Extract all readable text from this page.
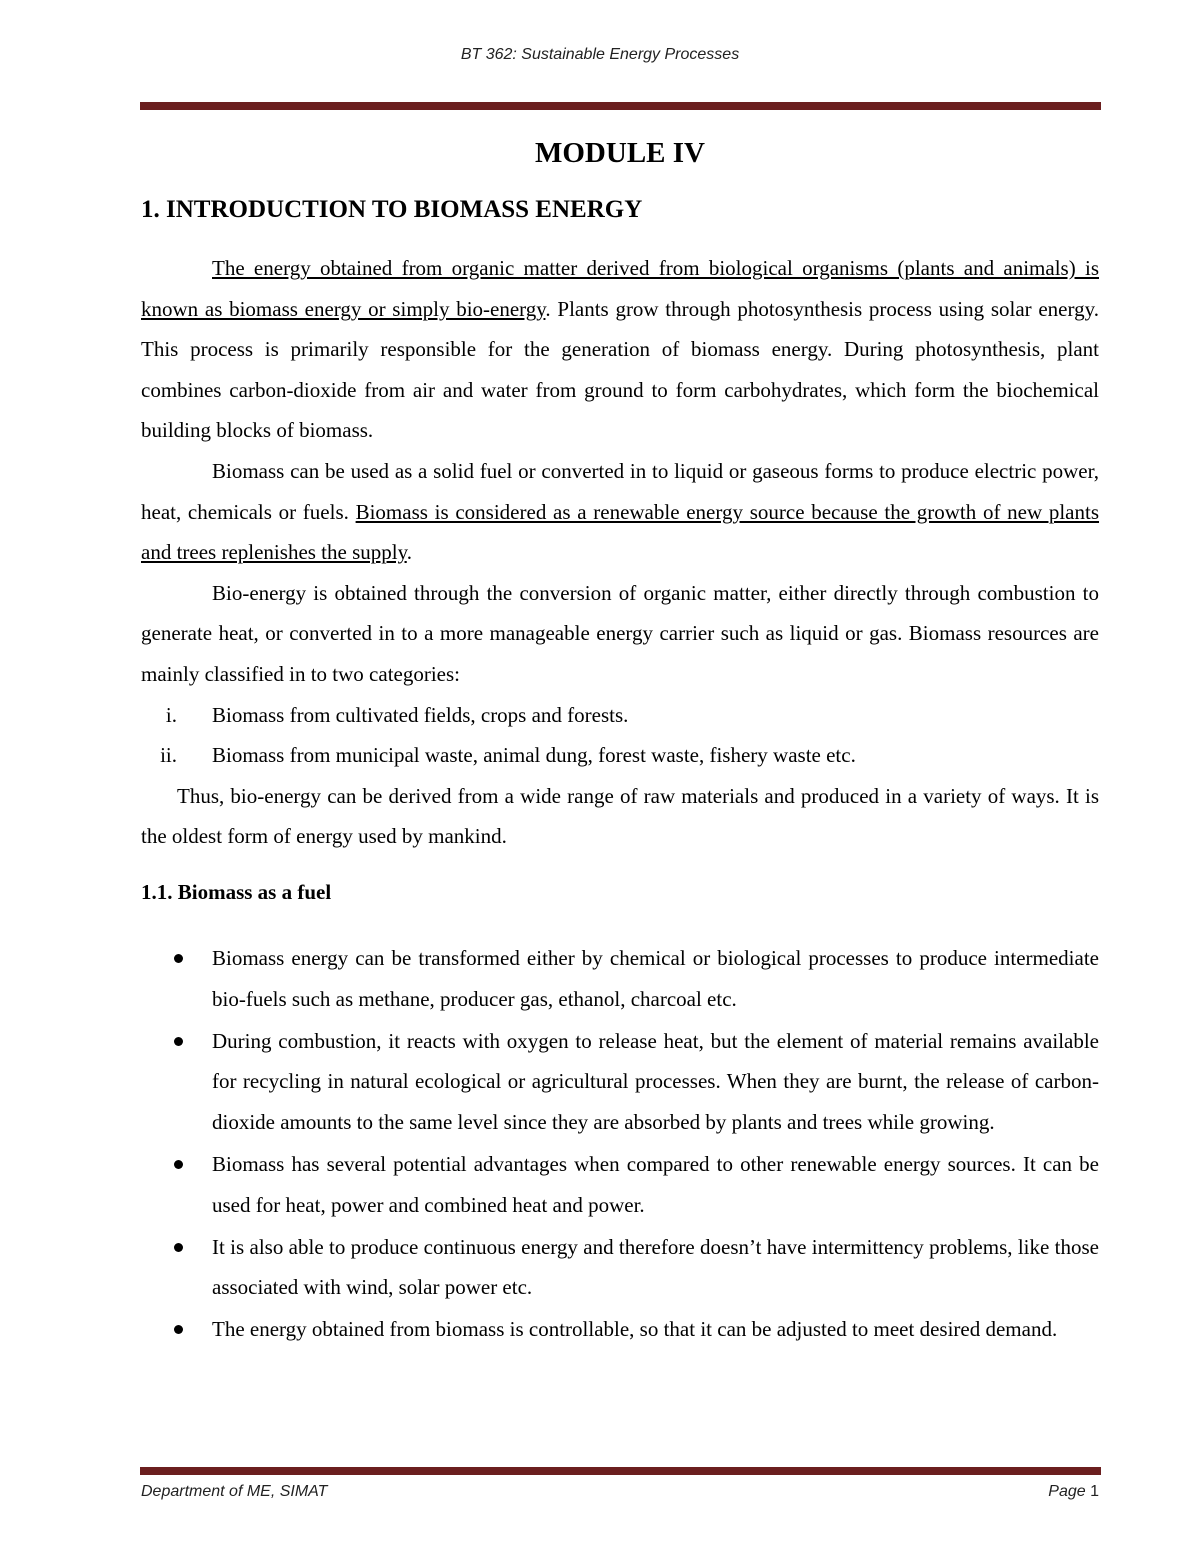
BT 362: Sustainable Energy Processes
MODULE IV
1. INTRODUCTION TO BIOMASS ENERGY

The energy obtained from organic matter derived from biological organisms (plants and animals) is known as biomass energy or simply bio-energy. Plants grow through photosynthesis process using solar energy. This process is primarily responsible for the generation of biomass energy. During photosynthesis, plant combines carbon-dioxide from air and water from ground to form carbohydrates, which form the biochemical building blocks of biomass.

Biomass can be used as a solid fuel or converted in to liquid or gaseous forms to produce electric power, heat, chemicals or fuels. Biomass is considered as a renewable energy source because the growth of new plants and trees replenishes the supply.

Bio-energy is obtained through the conversion of organic matter, either directly through combustion to generate heat, or converted in to a more manageable energy carrier such as liquid or gas. Biomass resources are mainly classified in to two categories:

i. Biomass from cultivated fields, crops and forests.
ii. Biomass from municipal waste, animal dung, forest waste, fishery waste etc.

Thus, bio-energy can be derived from a wide range of raw materials and produced in a variety of ways. It is the oldest form of energy used by mankind.

1.1. Biomass as a fuel
Biomass energy can be transformed either by chemical or biological processes to produce intermediate bio-fuels such as methane, producer gas, ethanol, charcoal etc.
During combustion, it reacts with oxygen to release heat, but the element of material remains available for recycling in natural ecological or agricultural processes. When they are burnt, the release of carbon-dioxide amounts to the same level since they are absorbed by plants and trees while growing.
Biomass has several potential advantages when compared to other renewable energy sources. It can be used for heat, power and combined heat and power.
It is also able to produce continuous energy and therefore doesn’t have intermittency problems, like those associated with wind, solar power etc.
The energy obtained from biomass is controllable, so that it can be adjusted to meet desired demand.
Department of ME, SIMAT	Page 1
